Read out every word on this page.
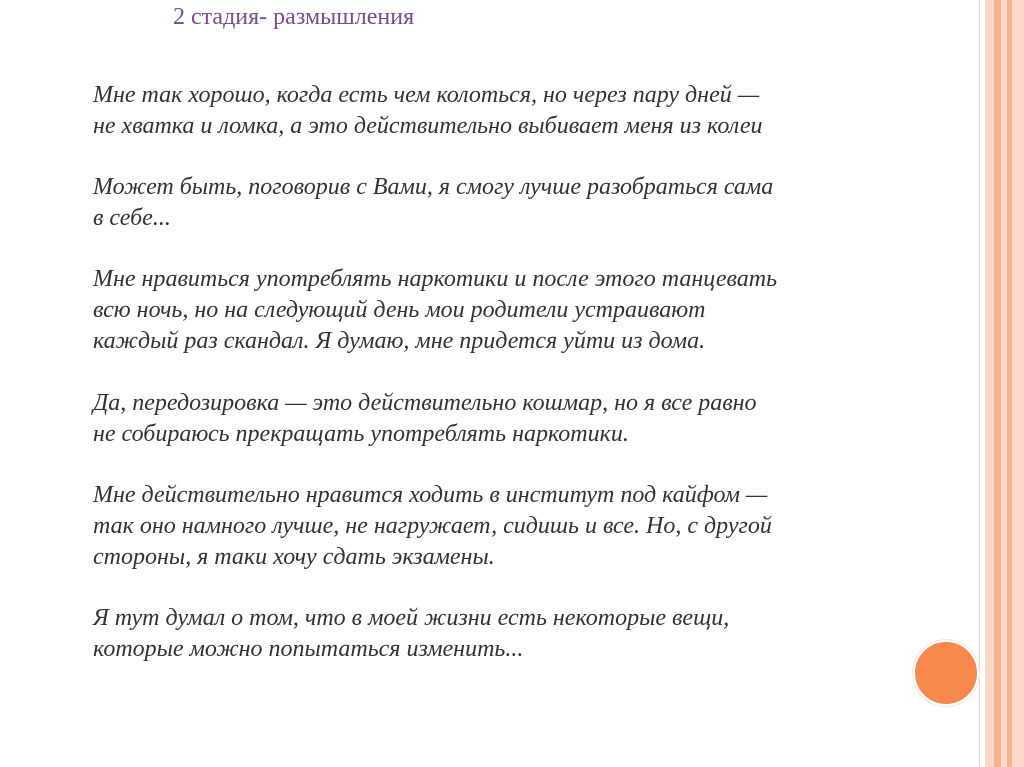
2 стадия- размышления

Мне так хорошо, когда есть чем колоться, но через пару дней —
не хватка и ломка, а это действительно выбивает меня из колеи

Может быть, поговорив с Вами, я смогу лучше разобраться сама
в себе...

Мне нравиться употреблять наркотики и после этого танцевать
всю ночь, но на следующий день мои родители устраивают
каждый раз скандал. Я думаю, мне придется уйти из дома.

Да, передозировка — это действительно кошмар, но я все равно
не собираюсь прекращать употреблять наркотики.

Мне действительно нравится ходить в институт под кайфом —
так оно намного лучше, не нагружает, сидишь и все. Но, с другой
стороны, я таки хочу сдать экзамены.

Я тут думал о том, что в моей жизни есть некоторые вещи,
которые можно попытаться изменить...
